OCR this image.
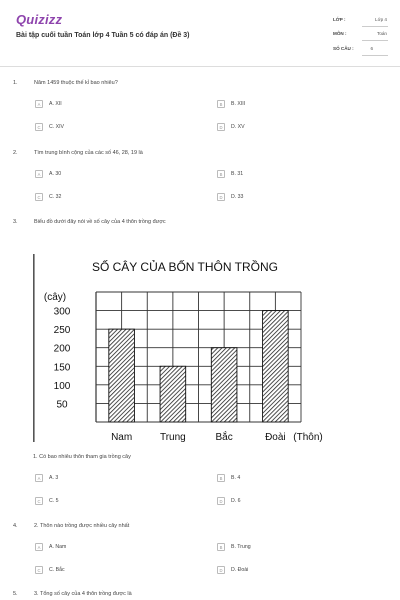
Quizizz
Bài tập cuối tuần Toán lớp 4 Tuần 5 có đáp án (Đề 3)
LỚP :	Lớp 4
MÔN :	Toán
SỐ CÂU :	6
1.	Năm 1459 thuộc thế kỉ bao nhiêu?
A	A. XII	B	B. XIII
C	C. XIV	D	D. XV
2.	Tìm trung bình cộng của các số 46, 28, 19 là
A	A. 30	B	B. 31
C	C. 32	D	D. 33
3.	Biểu đồ dưới đây nói về số cây của 4 thôn trồng được
SỐ CÂY CỦA BỐN THÔN TRỒNG
(cây)
(Thôn)
50
100
150
200
250
300
Nam	Trung	Bắc	Đoài
1. Có bao nhiêu thôn tham gia trồng cây
A	A. 3	B	B. 4
C	C. 5	D	D. 6
4.	2. Thôn nào trồng được nhiều cây nhất
A	A. Nam	B	B. Trung
C	C. Bắc	D	D. Đoài
5.	3. Tổng số cây của 4 thôn trồng được là
